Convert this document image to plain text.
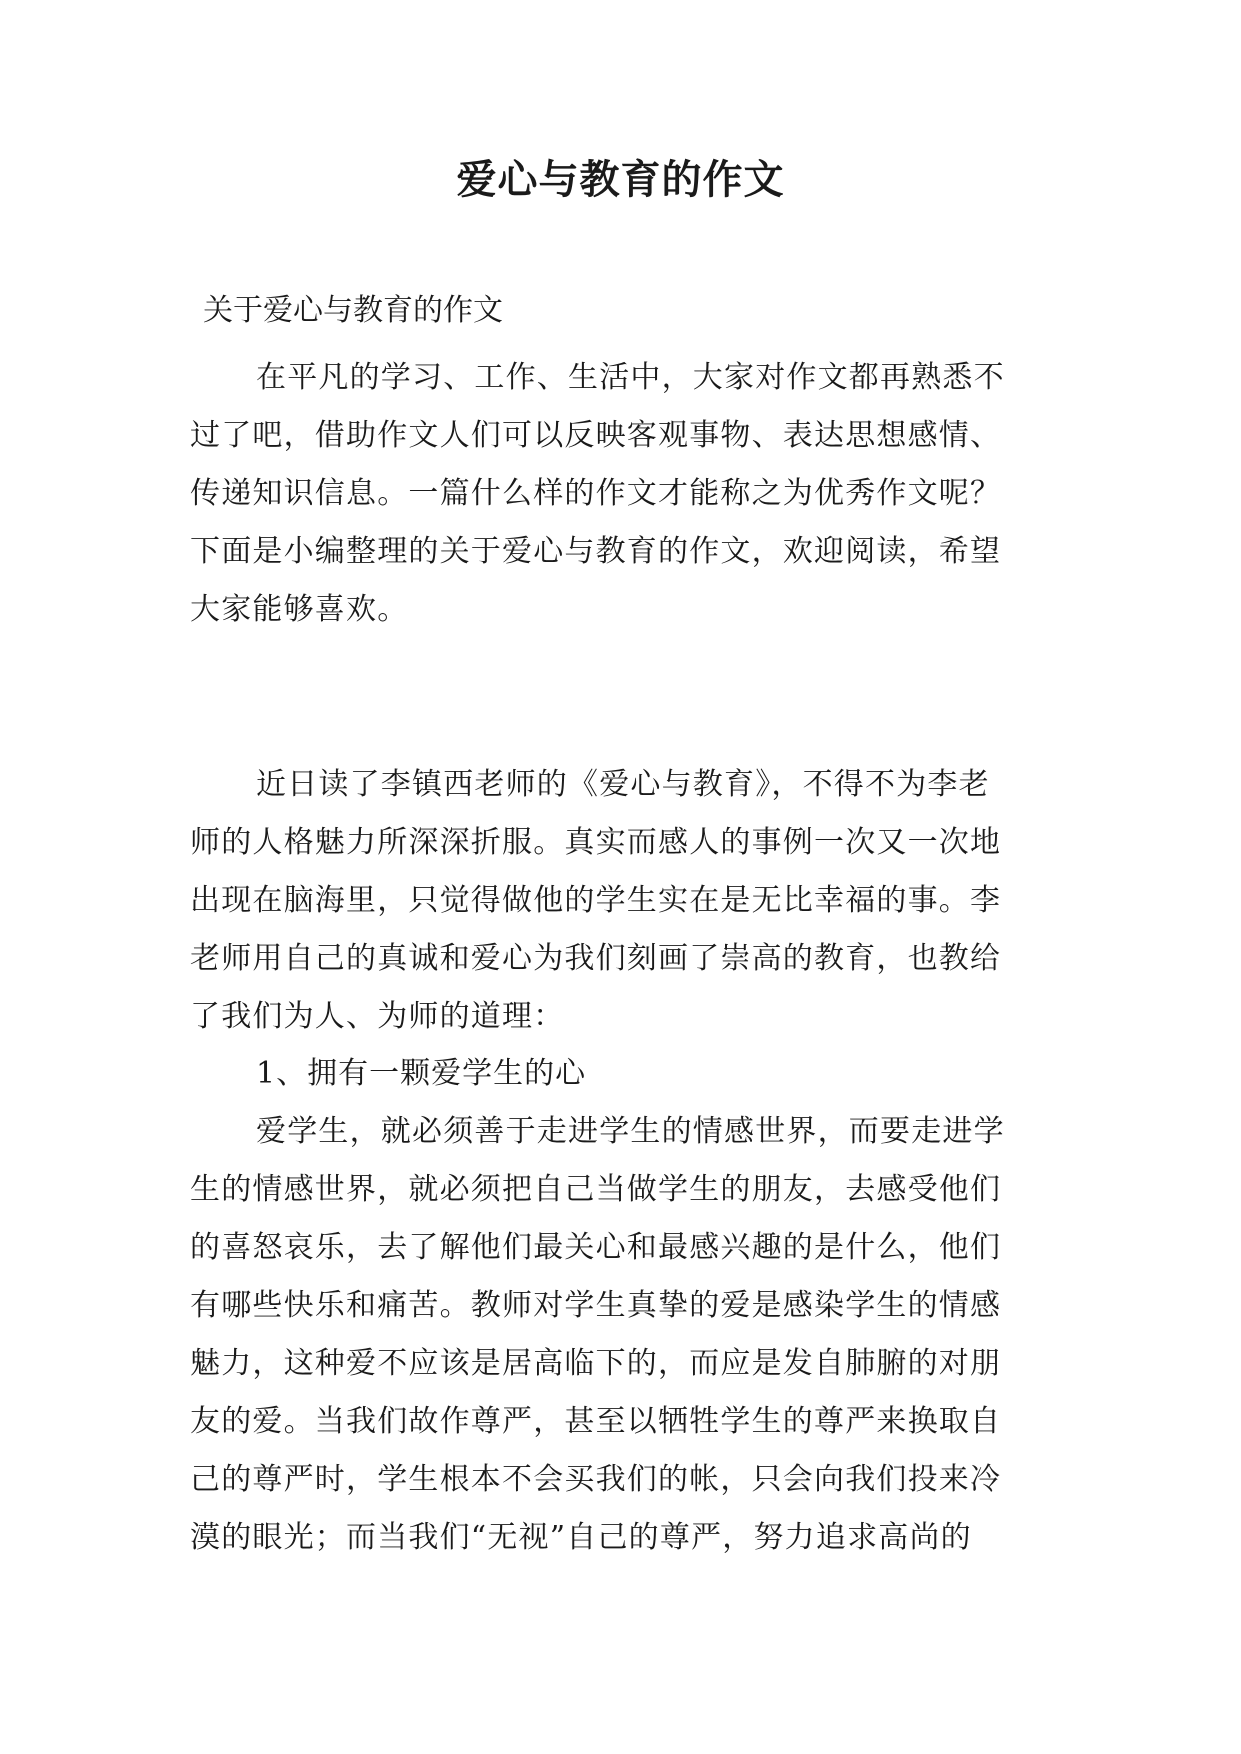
爱心与教育的作文
关于爱心与教育的作文
在平凡的学习、工作、生活中，大家对作文都再熟悉不
过了吧，借助作文人们可以反映客观事物、表达思想感情、
传递知识信息。一篇什么样的作文才能称之为优秀作文呢？
下面是小编整理的关于爱心与教育的作文，欢迎阅读，希望
大家能够喜欢。
近日读了李镇西老师的《爱心与教育》，不得不为李老
师的人格魅力所深深折服。真实而感人的事例一次又一次地
出现在脑海里，只觉得做他的学生实在是无比幸福的事。李
老师用自己的真诚和爱心为我们刻画了崇高的教育，也教给
了我们为人、为师的道理：
1、拥有一颗爱学生的心
爱学生，就必须善于走进学生的情感世界，而要走进学
生的情感世界，就必须把自己当做学生的朋友，去感受他们
的喜怒哀乐，去了解他们最关心和最感兴趣的是什么，他们
有哪些快乐和痛苦。教师对学生真挚的爱是感染学生的情感
魅力，这种爱不应该是居高临下的，而应是发自肺腑的对朋
友的爱。当我们故作尊严，甚至以牺牲学生的尊严来换取自
己的尊严时，学生根本不会买我们的帐，只会向我们投来冷
漠的眼光；而当我们“无视”自己的尊严，努力追求高尚的
